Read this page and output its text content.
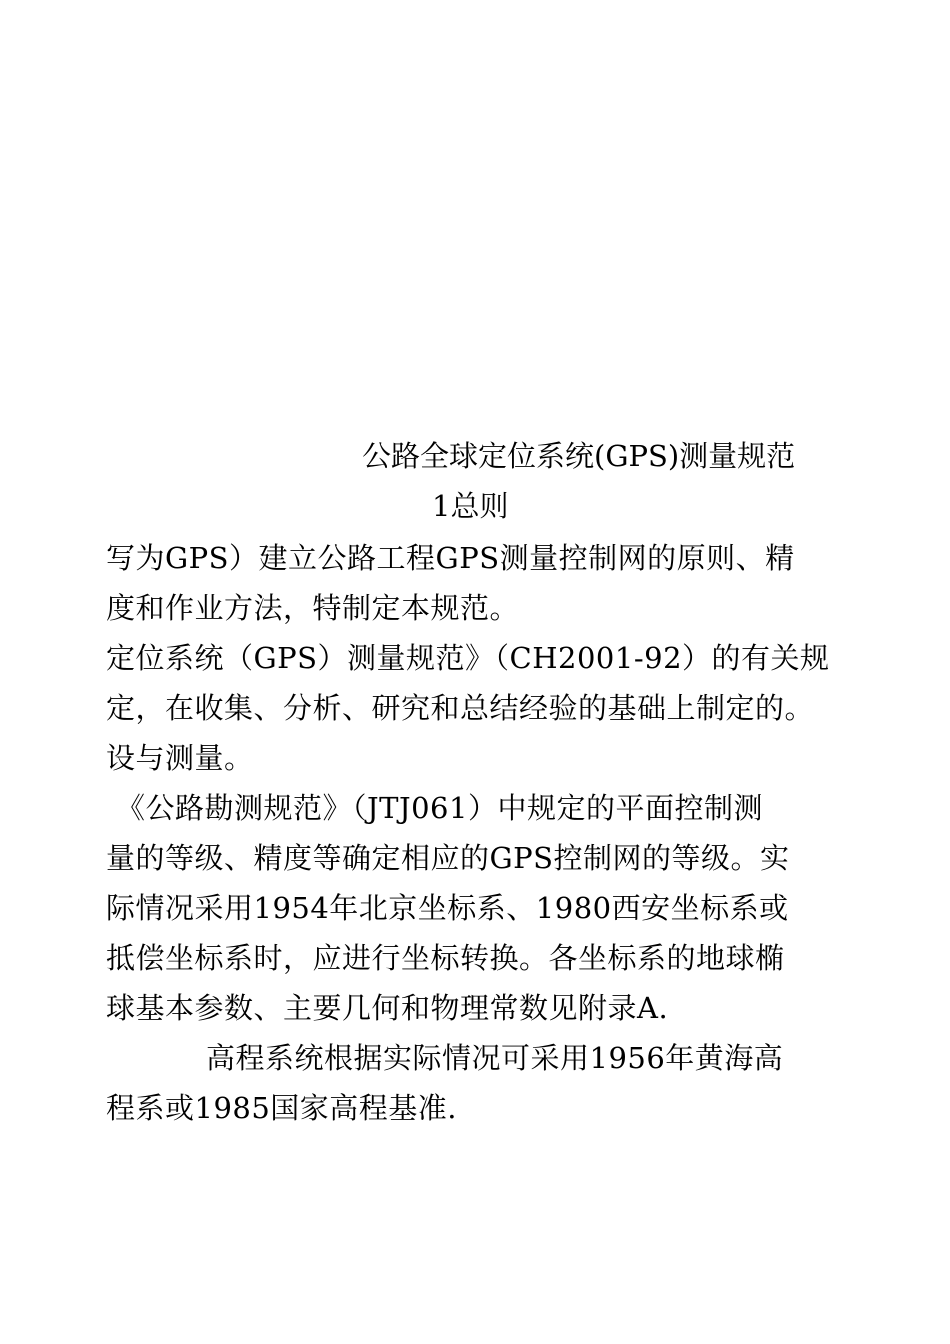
公路全球定位系统(GPS)测量规范
1总则
写为GPS）建立公路工程GPS测量控制网的原则、精
度和作业方法，特制定本规范。
定位系统（GPS）测量规范》（CH2001-92）的有关规
定，在收集、分析、研究和总结经验的基础上制定的。
设与测量。
《公路勘测规范》（JTJ061）中规定的平面控制测
量的等级、精度等确定相应的GPS控制网的等级。实
际情况采用1954年北京坐标系、1980西安坐标系或
抵偿坐标系时，应进行坐标转换。各坐标系的地球椭
球基本参数、主要几何和物理常数见附录A.
高程系统根据实际情况可采用1956年黄海高
程系或1985国家高程基准.
